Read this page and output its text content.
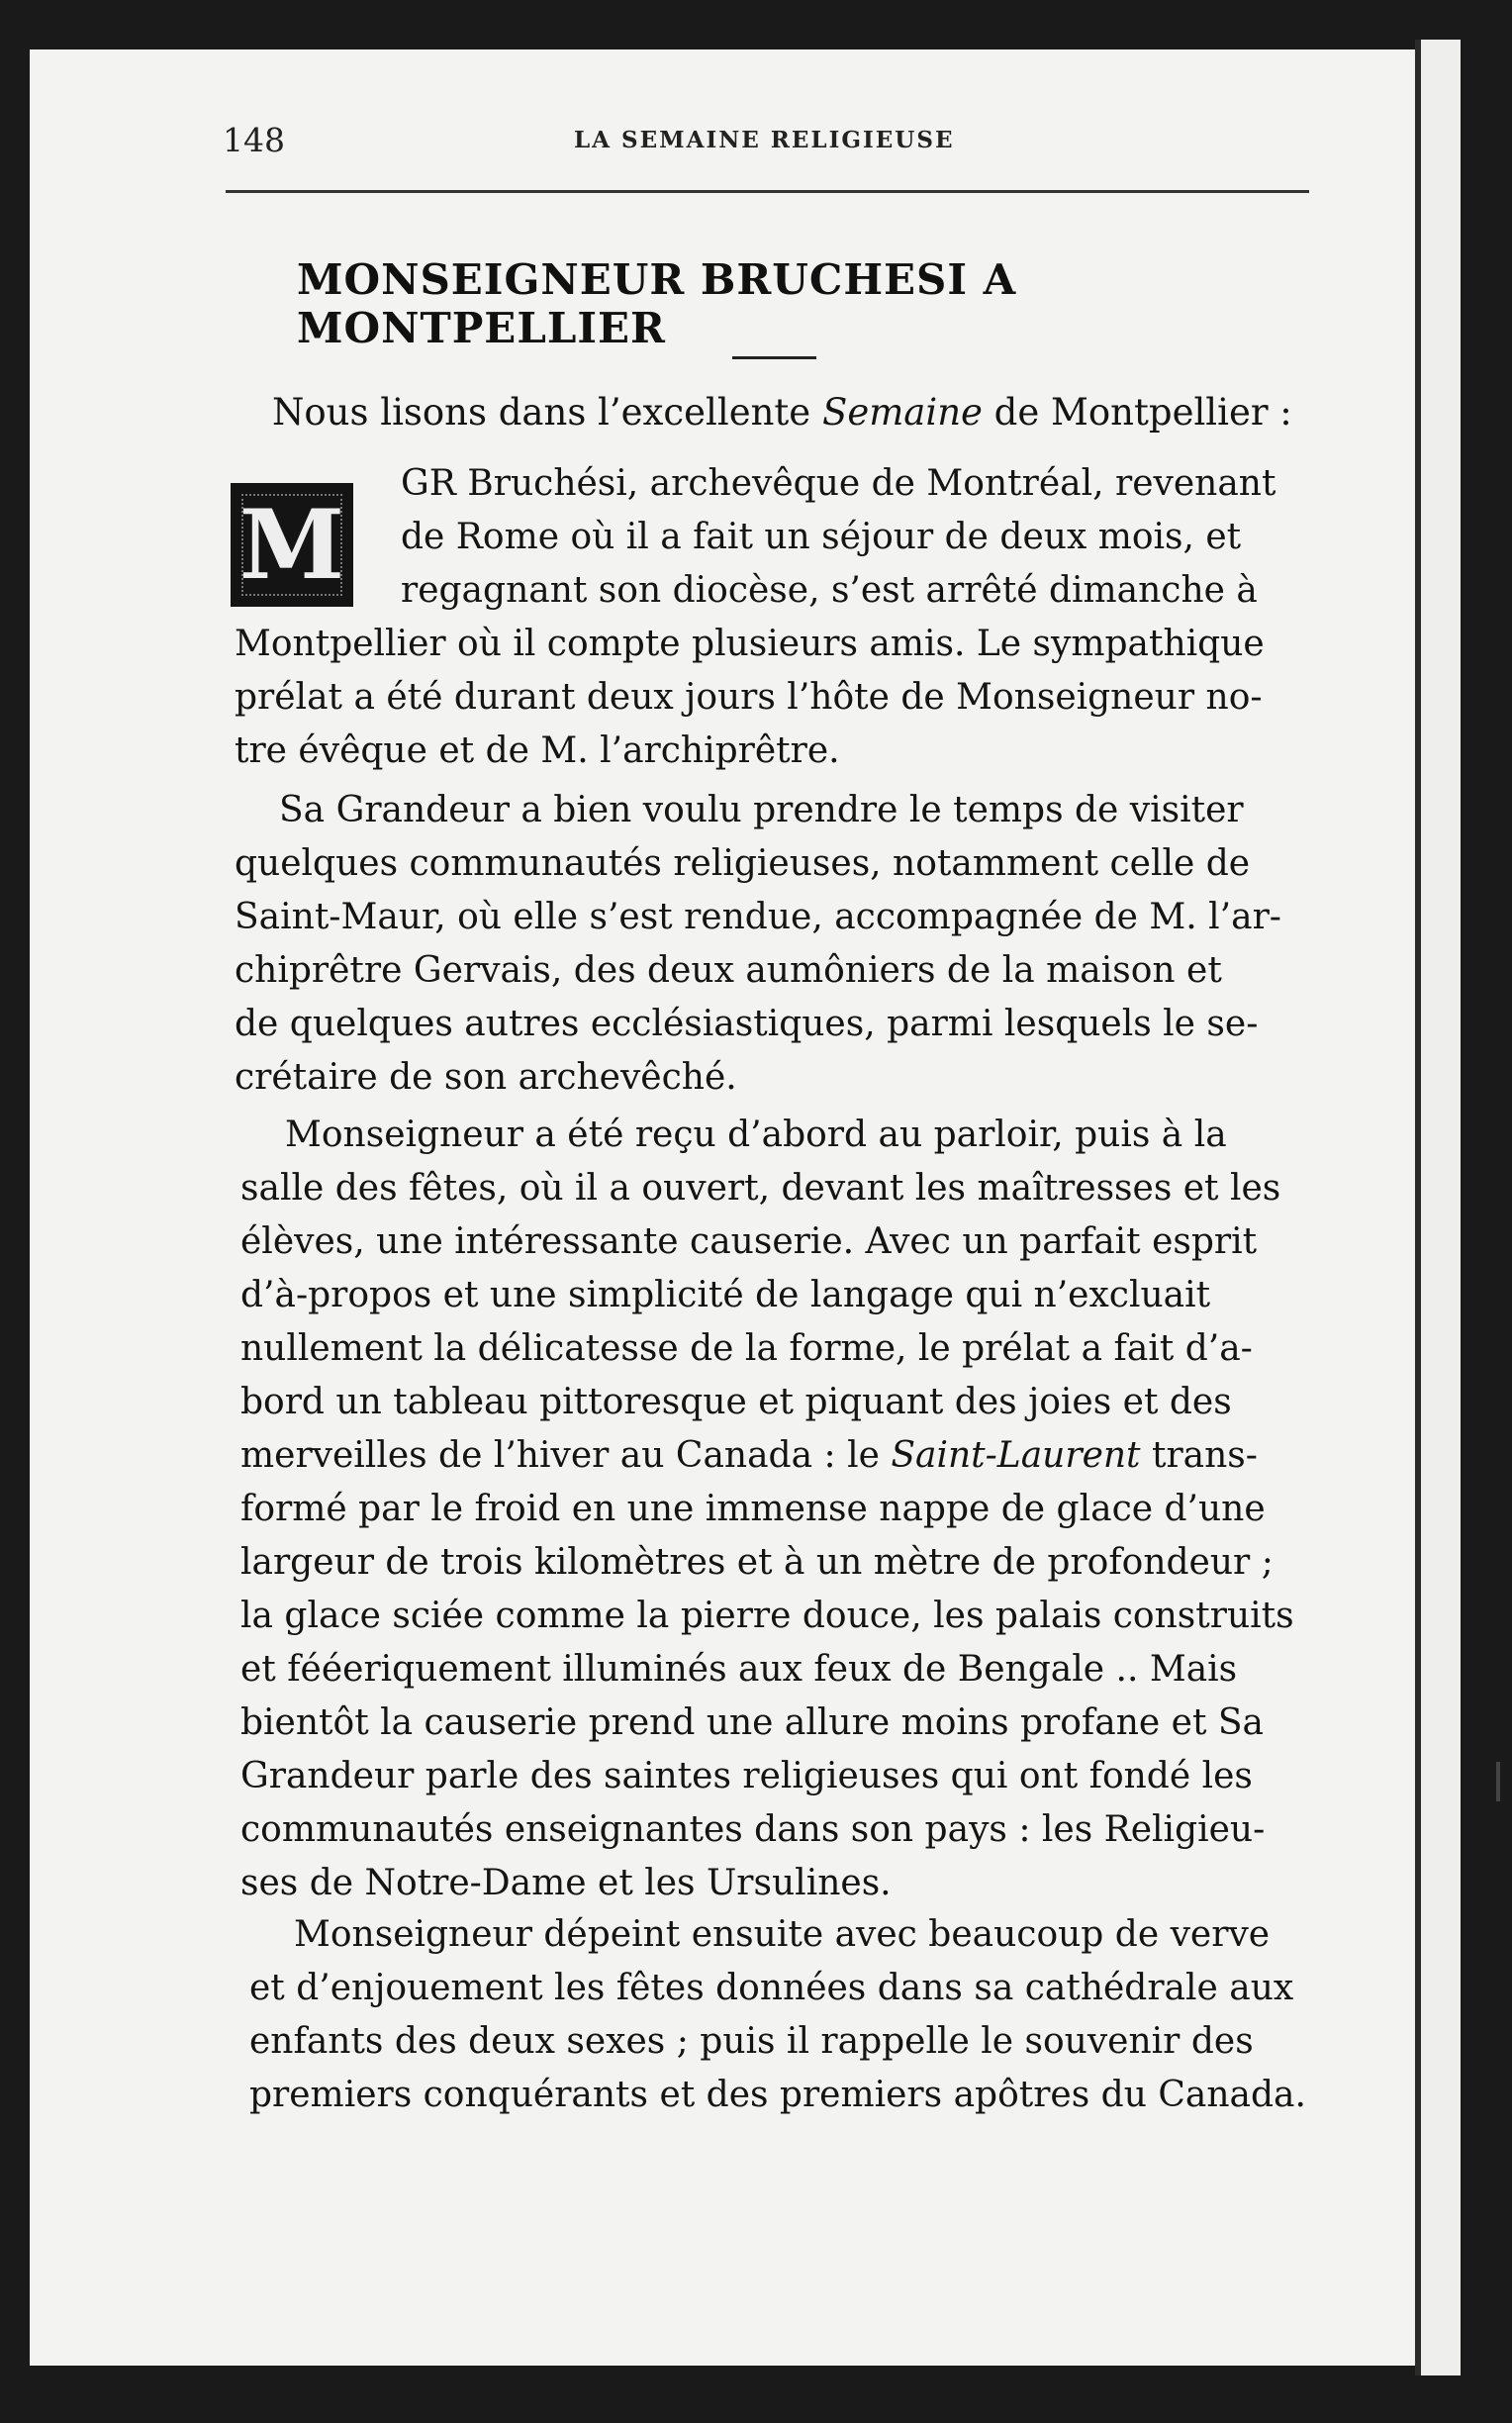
148	LA SEMAINE RELIGIEUSE
MONSEIGNEUR BRUCHESI A MONTPELLIER
Nous lisons dans l’excellente Semaine de Montpellier :
M
GR Bruchési, archevêque de Montréal, revenant
de Rome où il a fait un séjour de deux mois, et
regagnant son diocèse, s’est arrêté dimanche à
Montpellier où il compte plusieurs amis. Le sympathique
prélat a été durant deux jours l’hôte de Monseigneur no-
tre évêque et de M. l’archiprêtre.
Sa Grandeur a bien voulu prendre le temps de visiter
quelques communautés religieuses, notamment celle de
Saint-Maur, où elle s’est rendue, accompagnée de M. l’ar-
chiprêtre Gervais, des deux aumôniers de la maison et
de quelques autres ecclésiastiques, parmi lesquels le se-
crétaire de son archevêché.
Monseigneur a été reçu d’abord au parloir, puis à la
salle des fêtes, où il a ouvert, devant les maîtresses et les
élèves, une intéressante causerie. Avec un parfait esprit
d’à-propos et une simplicité de langage qui n’excluait
nullement la délicatesse de la forme, le prélat a fait d’a-
bord un tableau pittoresque et piquant des joies et des
merveilles de l’hiver au Canada : le Saint-Laurent trans-
formé par le froid en une immense nappe de glace d’une
largeur de trois kilomètres et à un mètre de profondeur ;
la glace sciée comme la pierre douce, les palais construits
et fééeriquement illuminés aux feux de Bengale .. Mais
bientôt la causerie prend une allure moins profane et Sa
Grandeur parle des saintes religieuses qui ont fondé les
communautés enseignantes dans son pays : les Religieu-
ses de Notre-Dame et les Ursulines.
Monseigneur dépeint ensuite avec beaucoup de verve
et d’enjouement les fêtes données dans sa cathédrale aux
enfants des deux sexes ; puis il rappelle le souvenir des
premiers conquérants et des premiers apôtres du Canada.
